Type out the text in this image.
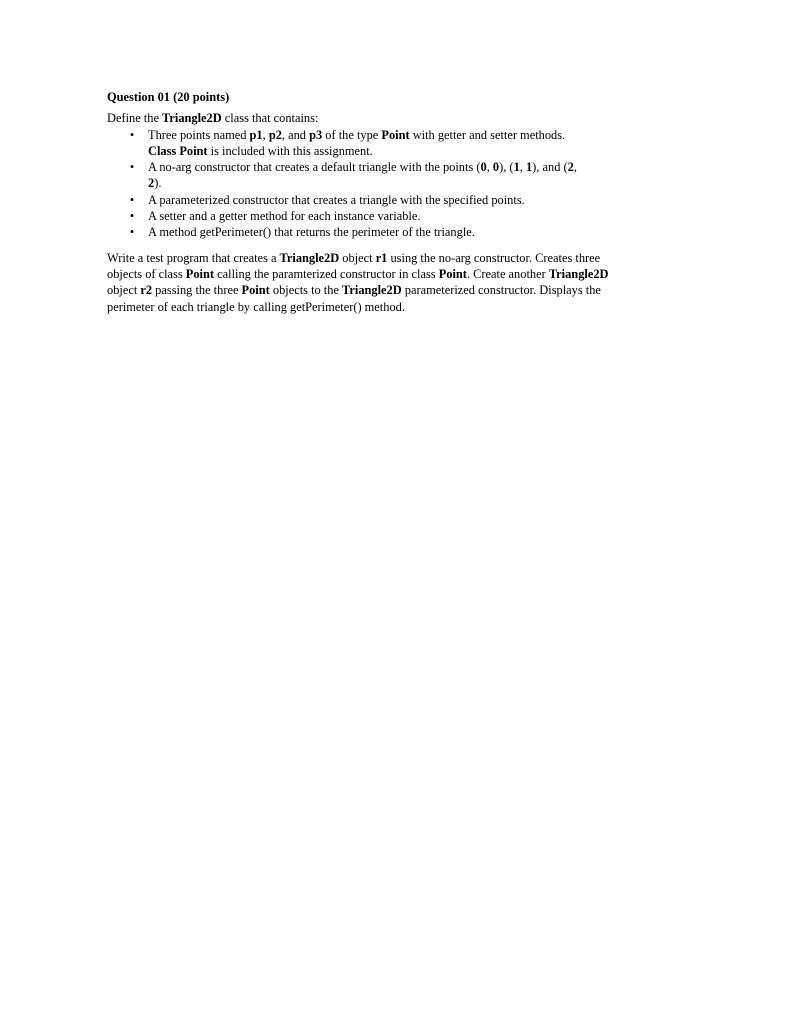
Question 01 (20 points)

Define the Triangle2D class that contains:

• Three points named p1, p2, and p3 of the type Point with getter and setter methods.
Class Point is included with this assignment.
• A no-arg constructor that creates a default triangle with the points (0, 0), (1, 1), and (2,
2).
• A parameterized constructor that creates a triangle with the specified points.
• A setter and a getter method for each instance variable.
• A method getPerimeter() that returns the perimeter of the triangle.

Write a test program that creates a Triangle2D object r1 using the no-arg constructor. Creates three objects of class Point calling the paramterized constructor in class Point. Create another Triangle2D object r2 passing the three Point objects to the Triangle2D parameterized constructor. Displays the perimeter of each triangle by calling getPerimeter() method.
